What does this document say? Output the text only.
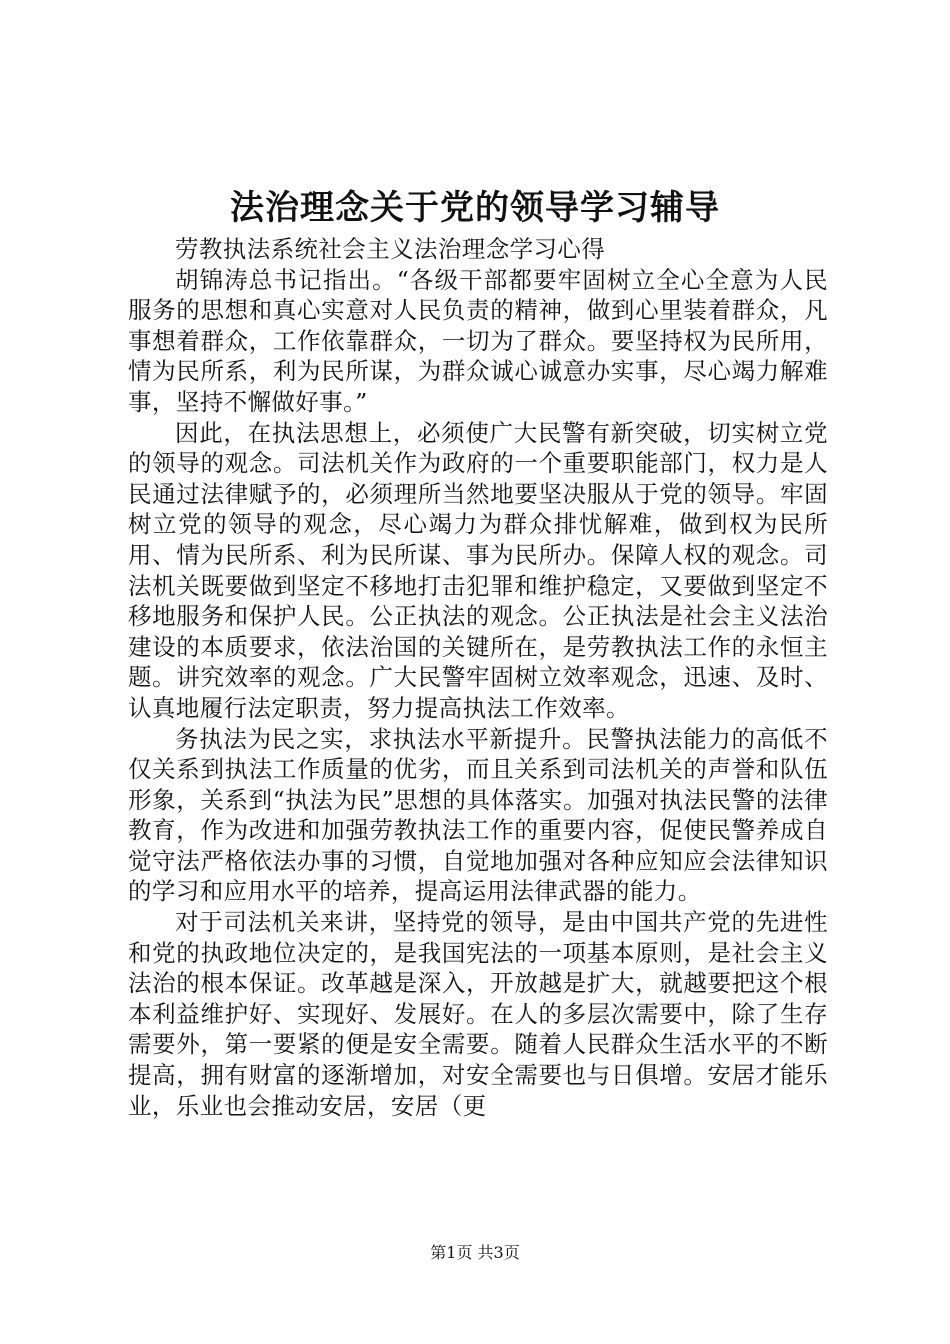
法治理念关于党的领导学习辅导

劳教执法系统社会主义法治理念学习心得

胡锦涛总书记指出。“各级干部都要牢固树立全心全意为人民服务的思想和真心实意对人民负责的精神，做到心里装着群众，凡事想着群众，工作依靠群众，一切为了群众。要坚持权为民所用，情为民所系，利为民所谋，为群众诚心诚意办实事，尽心竭力解难事，坚持不懈做好事。”

因此，在执法思想上，必须使广大民警有新突破，切实树立党的领导的观念。司法机关作为政府的一个重要职能部门，权力是人民通过法律赋予的，必须理所当然地要坚决服从于党的领导。牢固树立党的领导的观念，尽心竭力为群众排忧解难，做到权为民所用、情为民所系、利为民所谋、事为民所办。保障人权的观念。司法机关既要做到坚定不移地打击犯罪和维护稳定，又要做到坚定不移地服务和保护人民。公正执法的观念。公正执法是社会主义法治建设的本质要求，依法治国的关键所在，是劳教执法工作的永恒主题。讲究效率的观念。广大民警牢固树立效率观念，迅速、及时、认真地履行法定职责，努力提高执法工作效率。

务执法为民之实，求执法水平新提升。民警执法能力的高低不仅关系到执法工作质量的优劣，而且关系到司法机关的声誉和队伍形象，关系到“执法为民”思想的具体落实。加强对执法民警的法律教育，作为改进和加强劳教执法工作的重要内容，促使民警养成自觉守法严格依法办事的习惯，自觉地加强对各种应知应会法律知识的学习和应用水平的培养，提高运用法律武器的能力。

对于司法机关来讲，坚持党的领导，是由中国共产党的先进性和党的执政地位决定的，是我国宪法的一项基本原则，是社会主义法治的根本保证。改革越是深入，开放越是扩大，就越要把这个根本利益维护好、实现好、发展好。在人的多层次需要中，除了生存需要外，第一要紧的便是安全需要。随着人民群众生活水平的不断提高，拥有财富的逐渐增加，对安全需要也与日俱增。安居才能乐业，乐业也会推动安居，安居（更

第1页 共3页
